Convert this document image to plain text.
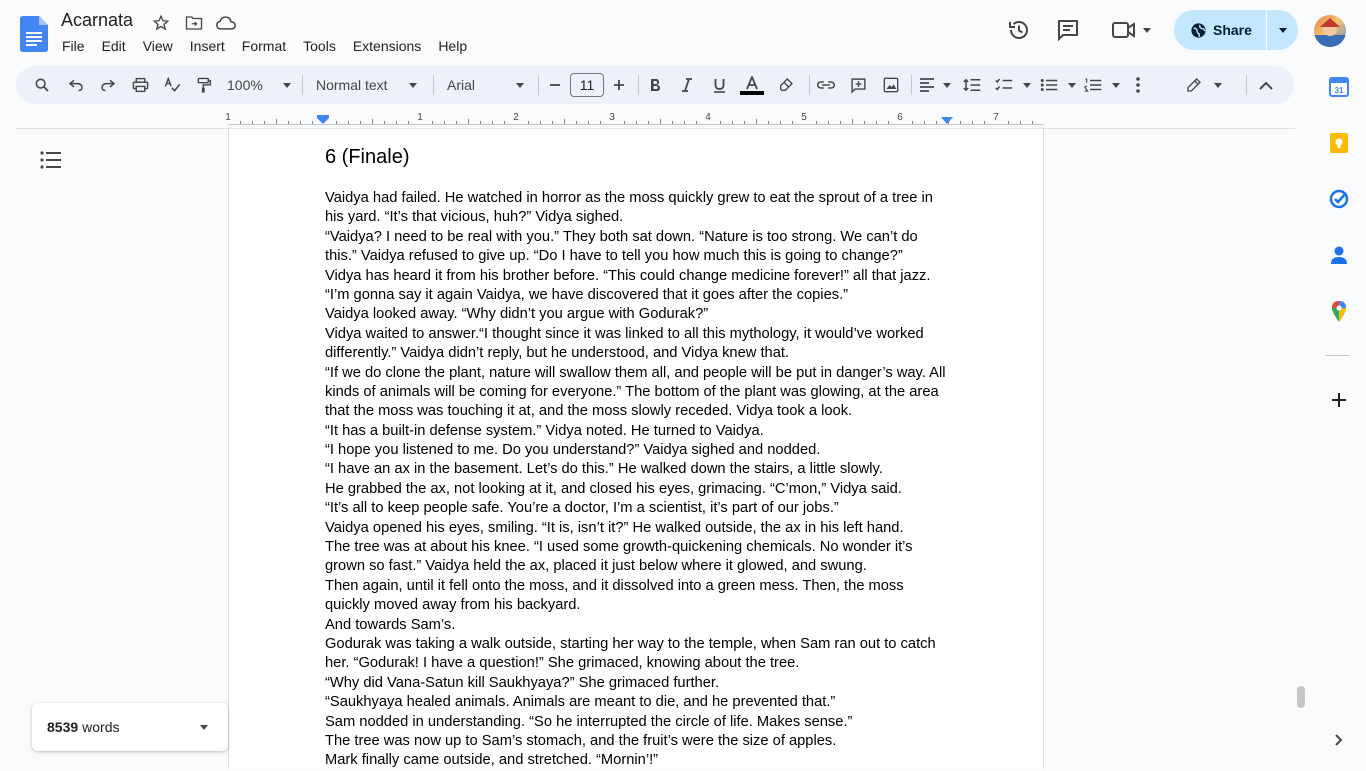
Acarnata
File	Edit	View	Insert	Format	Tools	Extensions	Help
Share
100%	Normal text	Arial	11
1	1	2	3	4	5	6	7
6 (Finale)
Vaidya had failed. He watched in horror as the moss quickly grew to eat the sprout of a tree in
his yard. “It’s that vicious, huh?” Vidya sighed.
“Vaidya? I need to be real with you.” They both sat down. “Nature is too strong. We can’t do
this.” Vaidya refused to give up. “Do I have to tell you how much this is going to change?”
Vidya has heard it from his brother before. “This could change medicine forever!” all that jazz.
“I’m gonna say it again Vaidya, we have discovered that it goes after the copies.”
Vaidya looked away. “Why didn’t you argue with Godurak?”
Vidya waited to answer.“I thought since it was linked to all this mythology, it would’ve worked
differently.” Vaidya didn’t reply, but he understood, and Vidya knew that.
“If we do clone the plant, nature will swallow them all, and people will be put in danger’s way. All
kinds of animals will be coming for everyone.” The bottom of the plant was glowing, at the area
that the moss was touching it at, and the moss slowly receded. Vidya took a look.
“It has a built-in defense system.” Vidya noted. He turned to Vaidya.
“I hope you listened to me. Do you understand?” Vaidya sighed and nodded.
“I have an ax in the basement. Let’s do this.” He walked down the stairs, a little slowly.
He grabbed the ax, not looking at it, and closed his eyes, grimacing. “C’mon,” Vidya said.
“It’s all to keep people safe. You’re a doctor, I’m a scientist, it’s part of our jobs.”
Vaidya opened his eyes, smiling. “It is, isn’t it?” He walked outside, the ax in his left hand.
The tree was at about his knee. “I used some growth-quickening chemicals. No wonder it’s
grown so fast.” Vaidya held the ax, placed it just below where it glowed, and swung.
Then again, until it fell onto the moss, and it dissolved into a green mess. Then, the moss
quickly moved away from his backyard.
And towards Sam’s.
Godurak was taking a walk outside, starting her way to the temple, when Sam ran out to catch
her. “Godurak! I have a question!” She grimaced, knowing about the tree.
“Why did Vana-Satun kill Saukhyaya?” She grimaced further.
“Saukhyaya healed animals. Animals are meant to die, and he prevented that.”
Sam nodded in understanding. “So he interrupted the circle of life. Makes sense.”
The tree was now up to Sam’s stomach, and the fruit’s were the size of apples.
Mark finally came outside, and stretched. “Mornin’!”
8539 words
31
